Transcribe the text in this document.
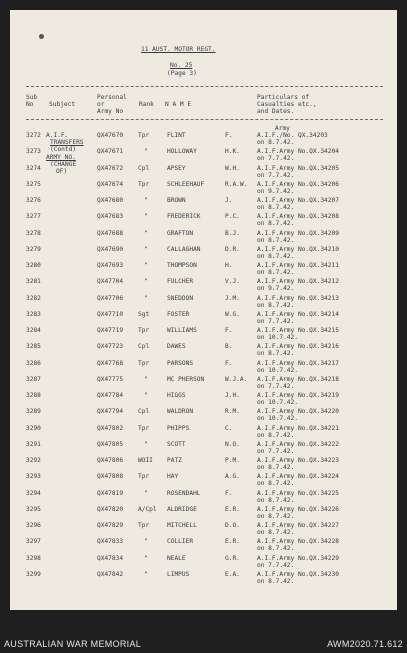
11 AUST. MOTOR REGT.
No. 25
(Page 3)
Sub
No	Subject
Personal
or
Army No
Rank N A M E
Particulars of
Casualties etc.,
and Dates.
Army
A.I.F.
TRANSFERS
(Contd)
ARMY NO.
(CHANGE
OF)
3272	QX47670 Tpr	FLINT	F.	A.I.F./No. QX.34203
on 8.7.42.
3273	QX47671	"	HOLLOWAY	H.K.	A.I.F.Army No.QX.34204
on 7.7.42.
3274	QX47672 Cpl	APSEY	W.H.	A.I.F.Army No.QX.34205
on 7.7.42.
3275	QX47674 Tpr	SCHLEEHAUF	R.A.W. A.I.F.Army No.QX.34206
on 9.7.42.
3276	QX47680	"	BROWN	J.	A.I.F.Army No.QX.34207
on 8.7.42.
3277	QX47683	"	FREDERICK	P.C.	A.I.F.Army No.QX.34208
on 8.7.42.
3278	QX47688	"	GRAFTON	B.J.	A.I.F.Army No.QX.34209
on 8.7.42.
3279	QX47690	"	CALLAGHAN	D.R.	A.I.F.Army No.QX.34210
on 8.7.42.
3280	QX47693	"	THOMPSON	H.	A.I.F.Army No.QX.34211
on 8.7.42.
3281	QX47704	"	FULCHER	V.J.	A.I.F.Army No.QX.34212
on 9.7.42.
3282	QX47706	"	SNEDDON	J.M.	A.I.F.Army No.QX.34213
on 8.7.42.
3283	QX47710 Sgt	FOSTER	W.G.	A.I.F.Army No.QX.34214
on 7.7.42.
3284	QX47719 Tpr	WILLIAMS	F.	A.I.F.Army No.QX.34215
on 10.7.42.
3285	QX47723 Cpl	DAWES	B.	A.I.F.Army No.QX.34216
on 8.7.42.
3286	QX47768 Tpr	PARSONS	F.	A.I.F.Army No.QX.34217
on 10.7.42.
3287	QX47775	"	MC PHERSON	W.J.A. A.I.F.Army No.QX.34218
on 7.7.42.
3288	QX47784	"	HIGGS	J.H.	A.I.F.Army No.QX.34219
on 10.7.42.
3289	QX47794 Cpl	WALDRON	R.M.	A.I.F.Army No.QX.34220
on 10.7.42.
3290	QX47802 Tpr	PHIPPS	C.	A.I.F.Army No.QX.34221
on 8.7.42.
3291	QX47805	"	SCOTT	N.O.	A.I.F.Army No.QX.34222
on 7.7.42.
3292	QX47806 WOII PATZ	P.M.	A.I.F.Army No.QX.34223
on 8.7.42.
3293	QX47808 Tpr	HAY	A.G.	A.I.F.Army No.QX.34224
on 8.7.42.
3294	QX47819	"	ROSENDAHL	F.	A.I.F.Army No.QX.34225
on 8.7.42.
3295	QX47820 A/Cpl ALDRIDGE	E.R.	A.I.F.Army No.QX.34226
on 8.7.42.
3296	QX47829 Tpr	MITCHELL	D.O.	A.I.F.Army No.QX.34227
on 8.7.42.
3297	QX47833	"	COLLIER	E.R.	A.I.F.Army No.QX.34228
on 8.7.42.
3298	QX47834	"	NEALE	G.R.	A.I.F.Army No.QX.34229
on 7.7.42.
3299	QX47842	"	LIMPUS	E.A.	A.I.F.Army No.QX.34230
on 8.7.42.
AUSTRALIAN WAR MEMORIAL	AWM2020.71.612
